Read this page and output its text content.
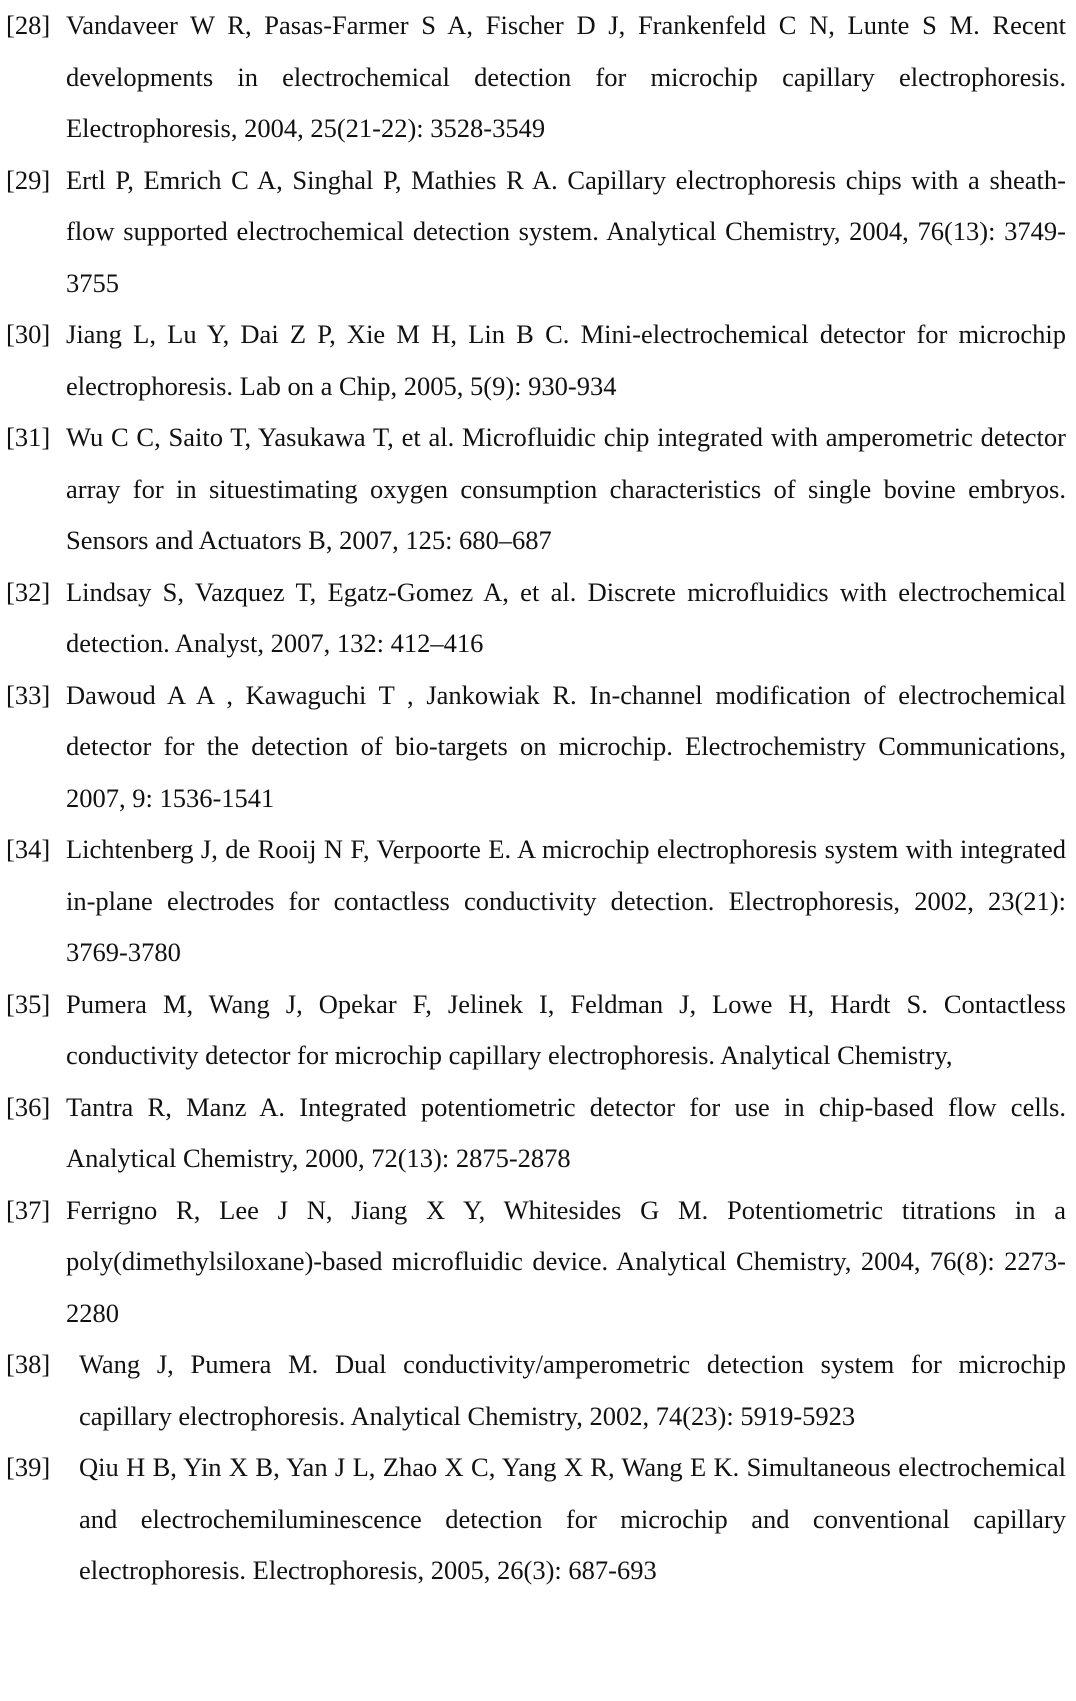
[28] Vandaveer W R, Pasas-Farmer S A, Fischer D J, Frankenfeld C N, Lunte S M. Recent developments in electrochemical detection for microchip capillary electrophoresis. Electrophoresis, 2004, 25(21-22): 3528-3549
[29] Ertl P, Emrich C A, Singhal P, Mathies R A. Capillary electrophoresis chips with a sheath-flow supported electrochemical detection system. Analytical Chemistry, 2004, 76(13): 3749-3755
[30] Jiang L, Lu Y, Dai Z P, Xie M H, Lin B C. Mini-electrochemical detector for microchip electrophoresis. Lab on a Chip, 2005, 5(9): 930-934
[31] Wu C C, Saito T, Yasukawa T, et al. Microfluidic chip integrated with amperometric detector array for in situestimating oxygen consumption characteristics of single bovine embryos. Sensors and Actuators B, 2007, 125: 680–687
[32] Lindsay S, Vazquez T, Egatz-Gomez A, et al. Discrete microfluidics with electrochemical detection. Analyst, 2007, 132: 412–416
[33] Dawoud A A , Kawaguchi T , Jankowiak R. In-channel modification of electrochemical detector for the detection of bio-targets on microchip. Electrochemistry Communications, 2007, 9: 1536-1541
[34] Lichtenberg J, de Rooij N F, Verpoorte E. A microchip electrophoresis system with integrated in-plane electrodes for contactless conductivity detection. Electrophoresis, 2002, 23(21): 3769-3780
[35] Pumera M, Wang J, Opekar F, Jelinek I, Feldman J, Lowe H, Hardt S. Contactless conductivity detector for microchip capillary electrophoresis. Analytical Chemistry,
[36] Tantra R, Manz A. Integrated potentiometric detector for use in chip-based flow cells. Analytical Chemistry, 2000, 72(13): 2875-2878
[37] Ferrigno R, Lee J N, Jiang X Y, Whitesides G M. Potentiometric titrations in a poly(dimethylsiloxane)-based microfluidic device. Analytical Chemistry, 2004, 76(8): 2273-2280
[38] Wang J, Pumera M. Dual conductivity/amperometric detection system for microchip capillary electrophoresis. Analytical Chemistry, 2002, 74(23): 5919-5923
[39] Qiu H B, Yin X B, Yan J L, Zhao X C, Yang X R, Wang E K. Simultaneous electrochemical and electrochemiluminescence detection for microchip and conventional capillary electrophoresis. Electrophoresis, 2005, 26(3): 687-693
